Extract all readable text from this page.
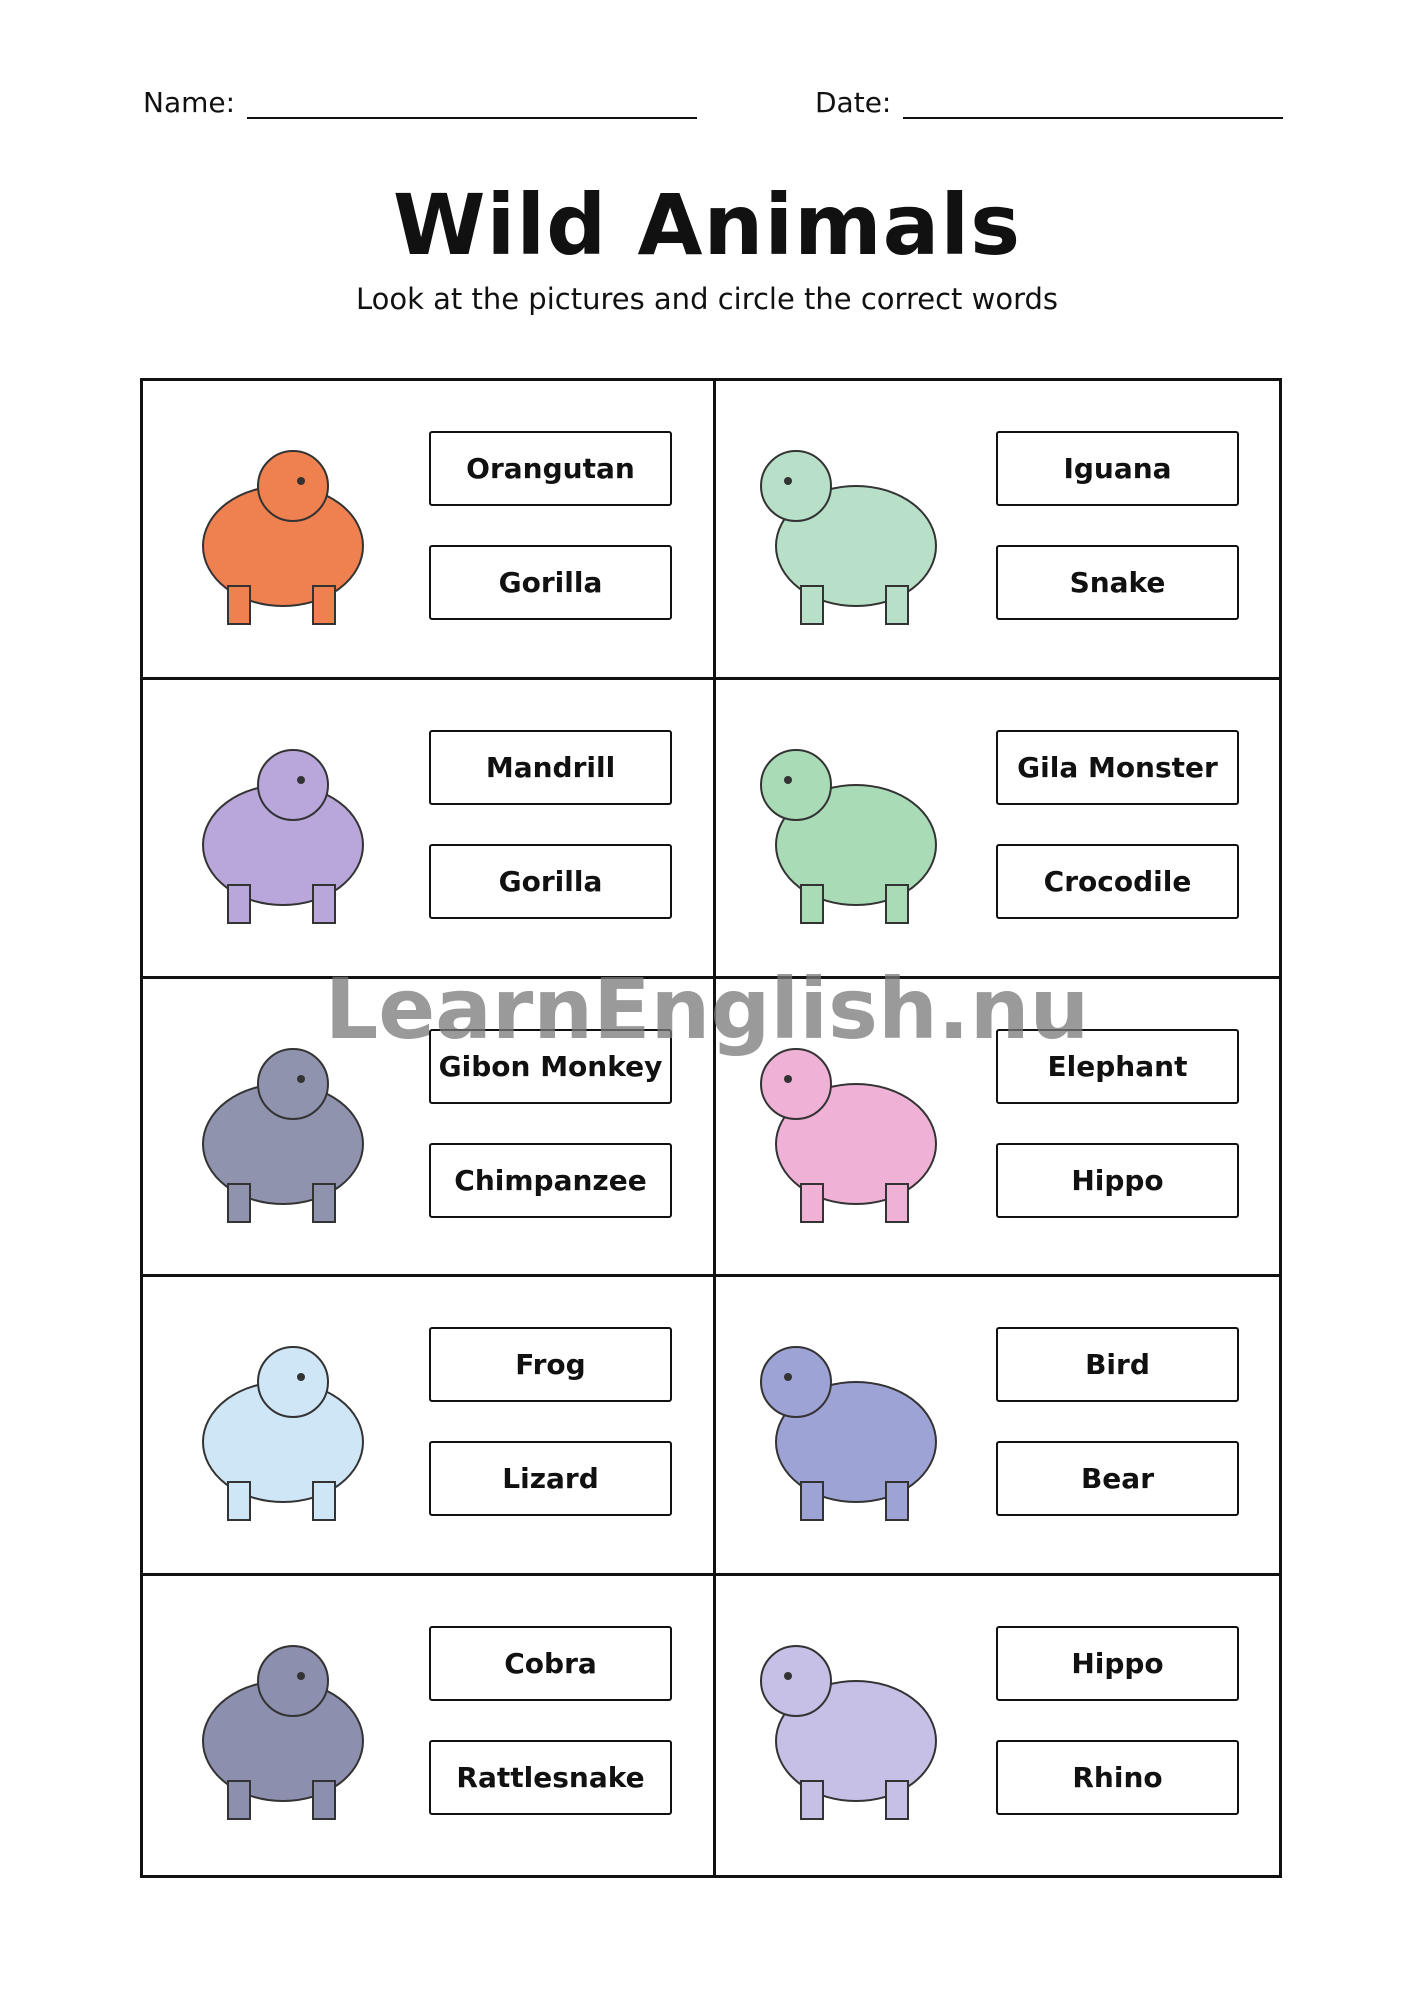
Name:	Date:
Wild Animals
Look at the pictures and circle the correct words
Orangutan
Gorilla
Iguana
Snake
Mandrill
Gorilla
Gila Monster
Crocodile
Gibon Monkey
Chimpanzee
Elephant
Hippo
Frog
Lizard
Bird
Bear
Cobra
Rattlesnake
Hippo
Rhino
LearnEnglish.nu
